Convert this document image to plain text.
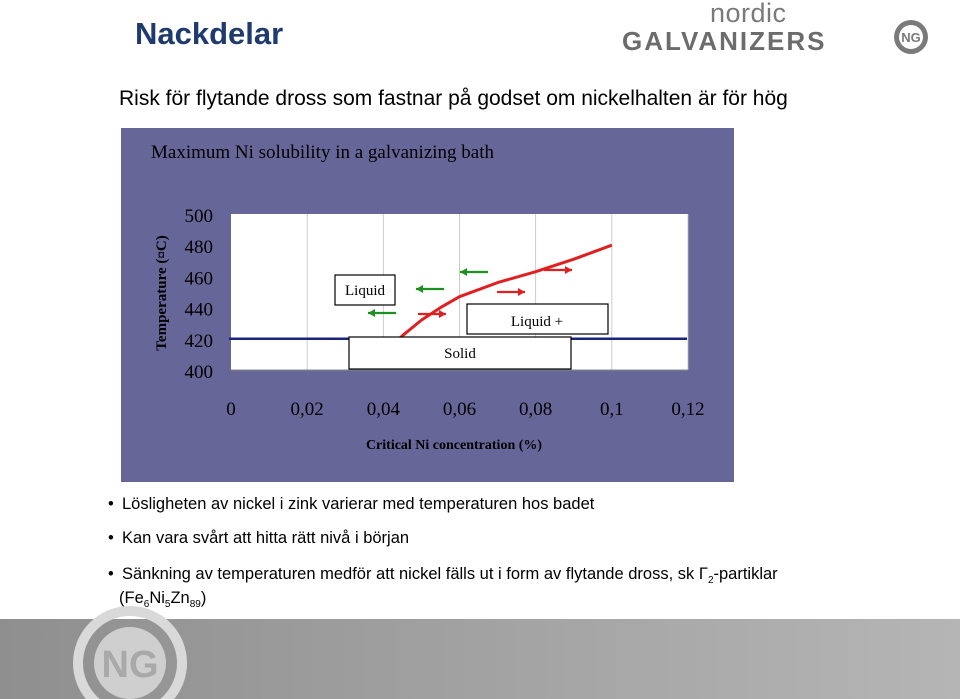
Nackdelar
nordic
GALVANIZERS	NG
Risk för flytande dross som fastnar på godset om nickelhalten är för hög
Maximum Ni solubility in a galvanizing bath
Temperature (¤C)
Critical Ni concentration (%)
500
480
460
440
420
400
0	0,02 0,04 0,06 0,08	0,1	0,12
Liquid
Liquid +
Solid
• Lösligheten av nickel i zink varierar med temperaturen hos badet
• Kan vara svårt att hitta rätt nivå i början
• Sänkning av temperaturen medför att nickel fälls ut i form av flytande dross, sk $\Gamma_2$-partiklar
$(Fe_6Ni_5Zn_{89})$
NG
